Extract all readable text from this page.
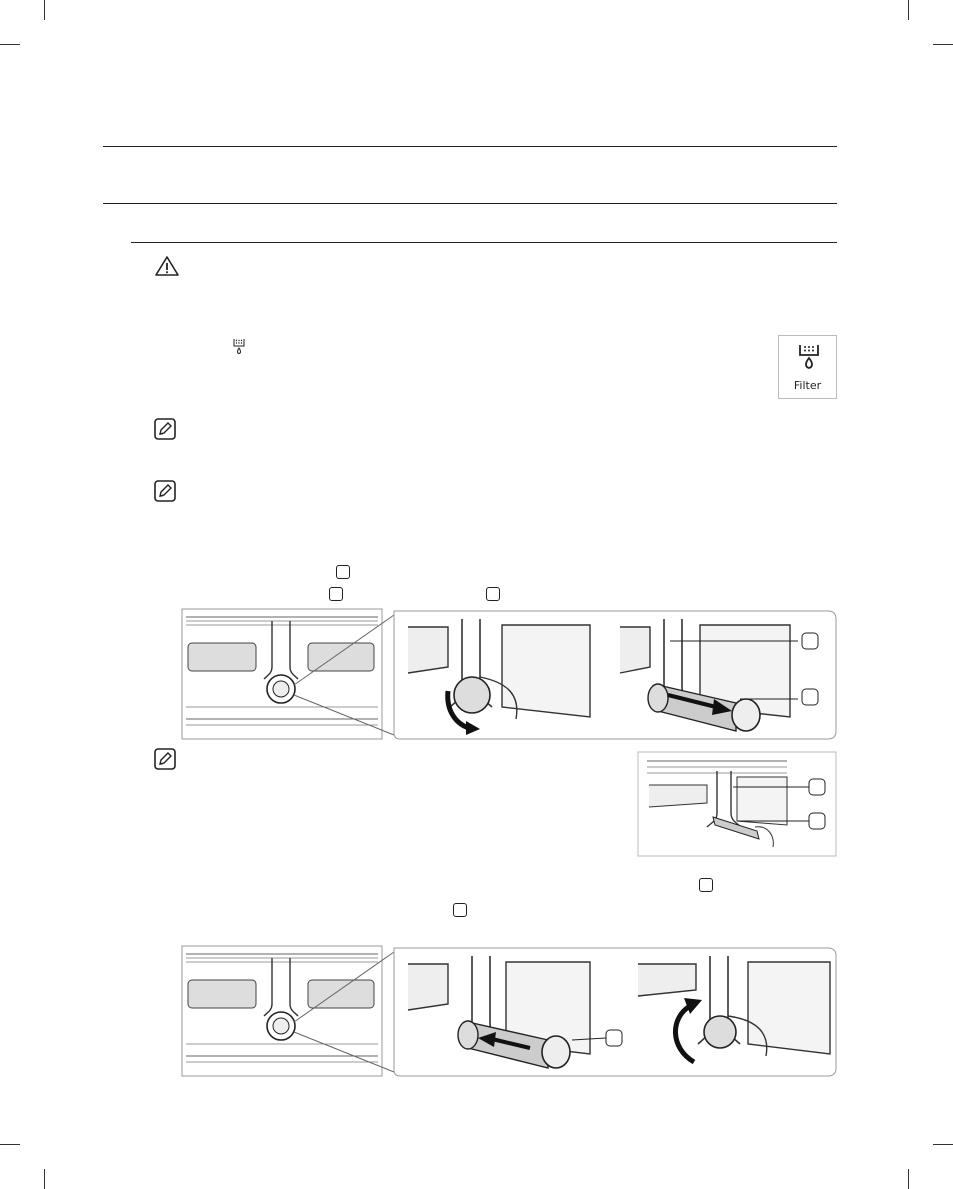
Filter
